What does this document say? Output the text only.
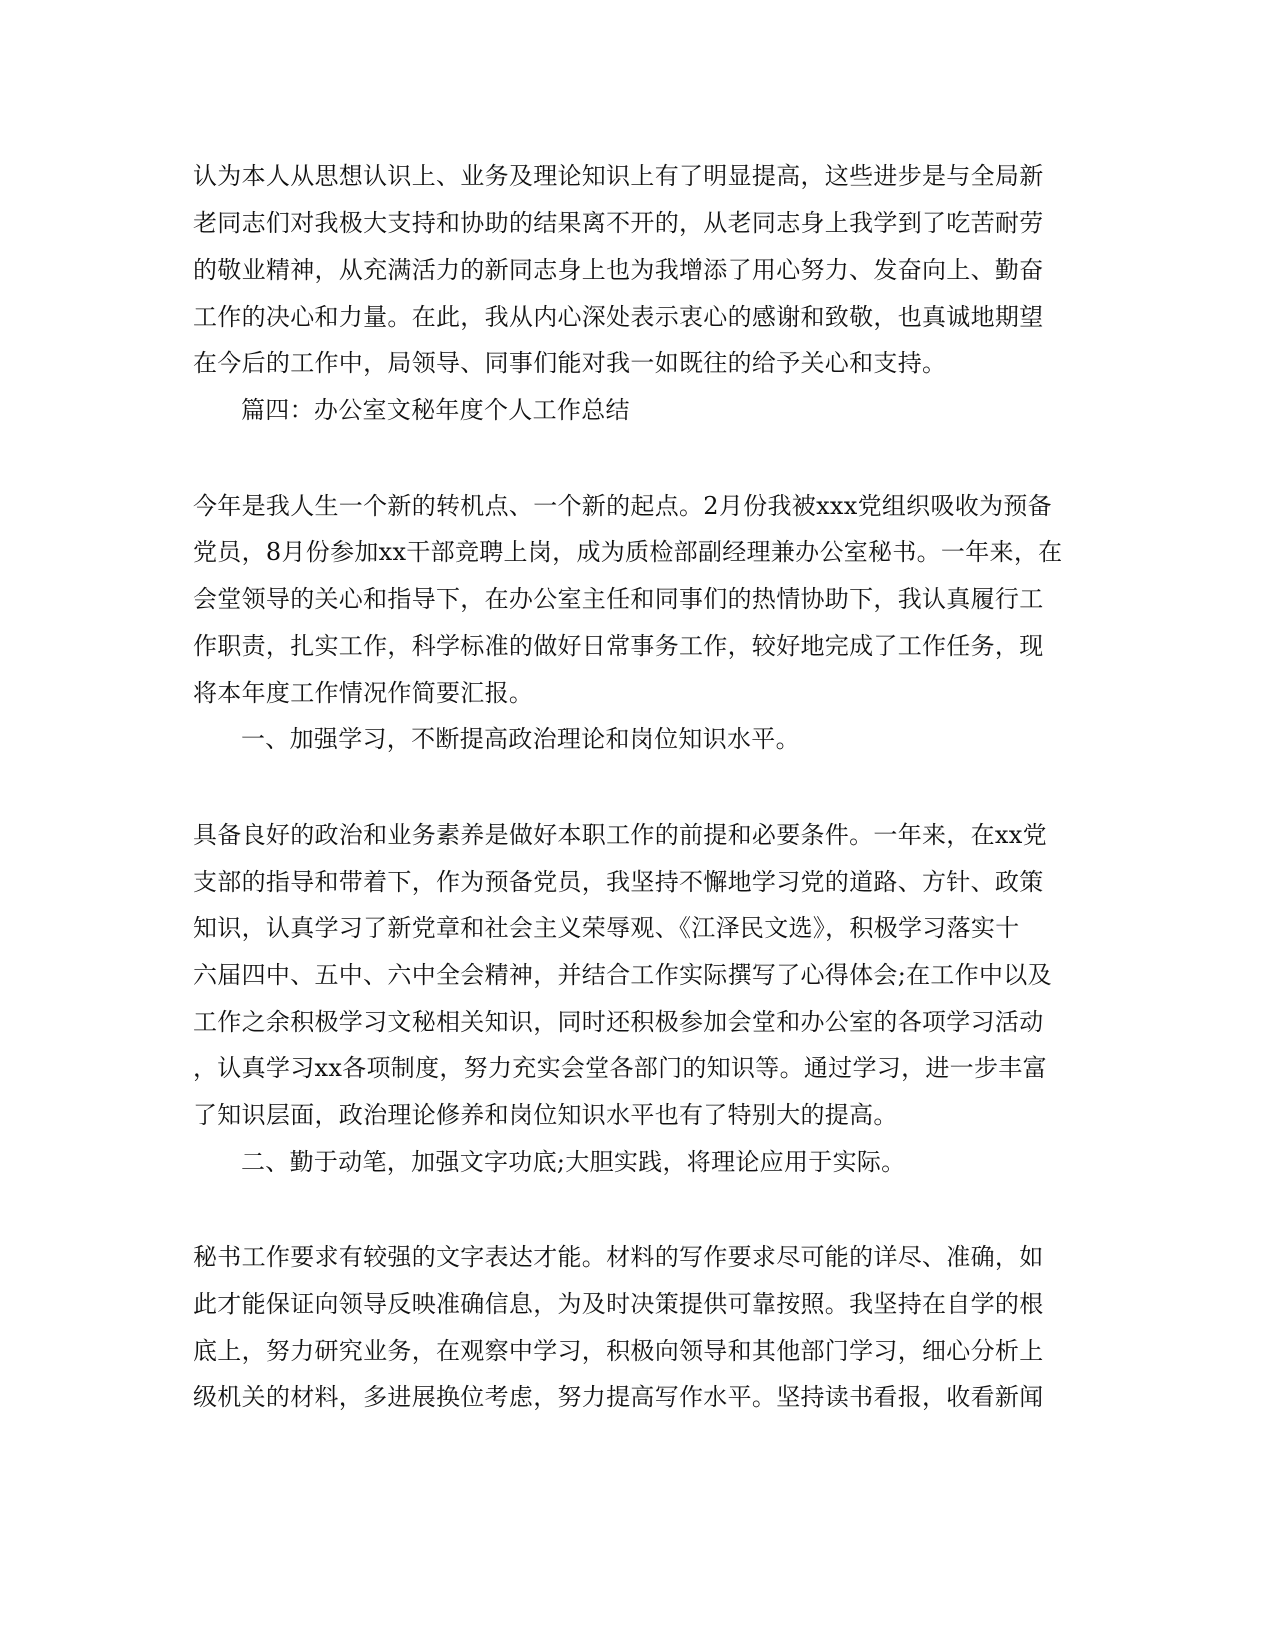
认为本人从思想认识上、业务及理论知识上有了明显提高，这些进步是与全局新
老同志们对我极大支持和协助的结果离不开的，从老同志身上我学到了吃苦耐劳
的敬业精神，从充满活力的新同志身上也为我增添了用心努力、发奋向上、勤奋
工作的决心和力量。在此，我从内心深处表示衷心的感谢和致敬，也真诚地期望
在今后的工作中，局领导、同事们能对我一如既往的给予关心和支持。
篇四：办公室文秘年度个人工作总结
今年是我人生一个新的转机点、一个新的起点。2月份我被xxx党组织吸收为预备
党员，8月份参加xx干部竞聘上岗，成为质检部副经理兼办公室秘书。一年来，在
会堂领导的关心和指导下，在办公室主任和同事们的热情协助下，我认真履行工
作职责，扎实工作，科学标准的做好日常事务工作，较好地完成了工作任务，现
将本年度工作情况作简要汇报。
一、加强学习，不断提高政治理论和岗位知识水平。
具备良好的政治和业务素养是做好本职工作的前提和必要条件。一年来，在xx党
支部的指导和带着下，作为预备党员，我坚持不懈地学习党的道路、方针、政策
知识，认真学习了新党章和社会主义荣辱观、《江泽民文选》，积极学习落实十
六届四中、五中、六中全会精神，并结合工作实际撰写了心得体会;在工作中以及
工作之余积极学习文秘相关知识，同时还积极参加会堂和办公室的各项学习活动
，认真学习xx各项制度，努力充实会堂各部门的知识等。通过学习，进一步丰富
了知识层面，政治理论修养和岗位知识水平也有了特别大的提高。
二、勤于动笔，加强文字功底;大胆实践，将理论应用于实际。
秘书工作要求有较强的文字表达才能。材料的写作要求尽可能的详尽、准确，如
此才能保证向领导反映准确信息，为及时决策提供可靠按照。我坚持在自学的根
底上，努力研究业务，在观察中学习，积极向领导和其他部门学习，细心分析上
级机关的材料，多进展换位考虑，努力提高写作水平。坚持读书看报，收看新闻
